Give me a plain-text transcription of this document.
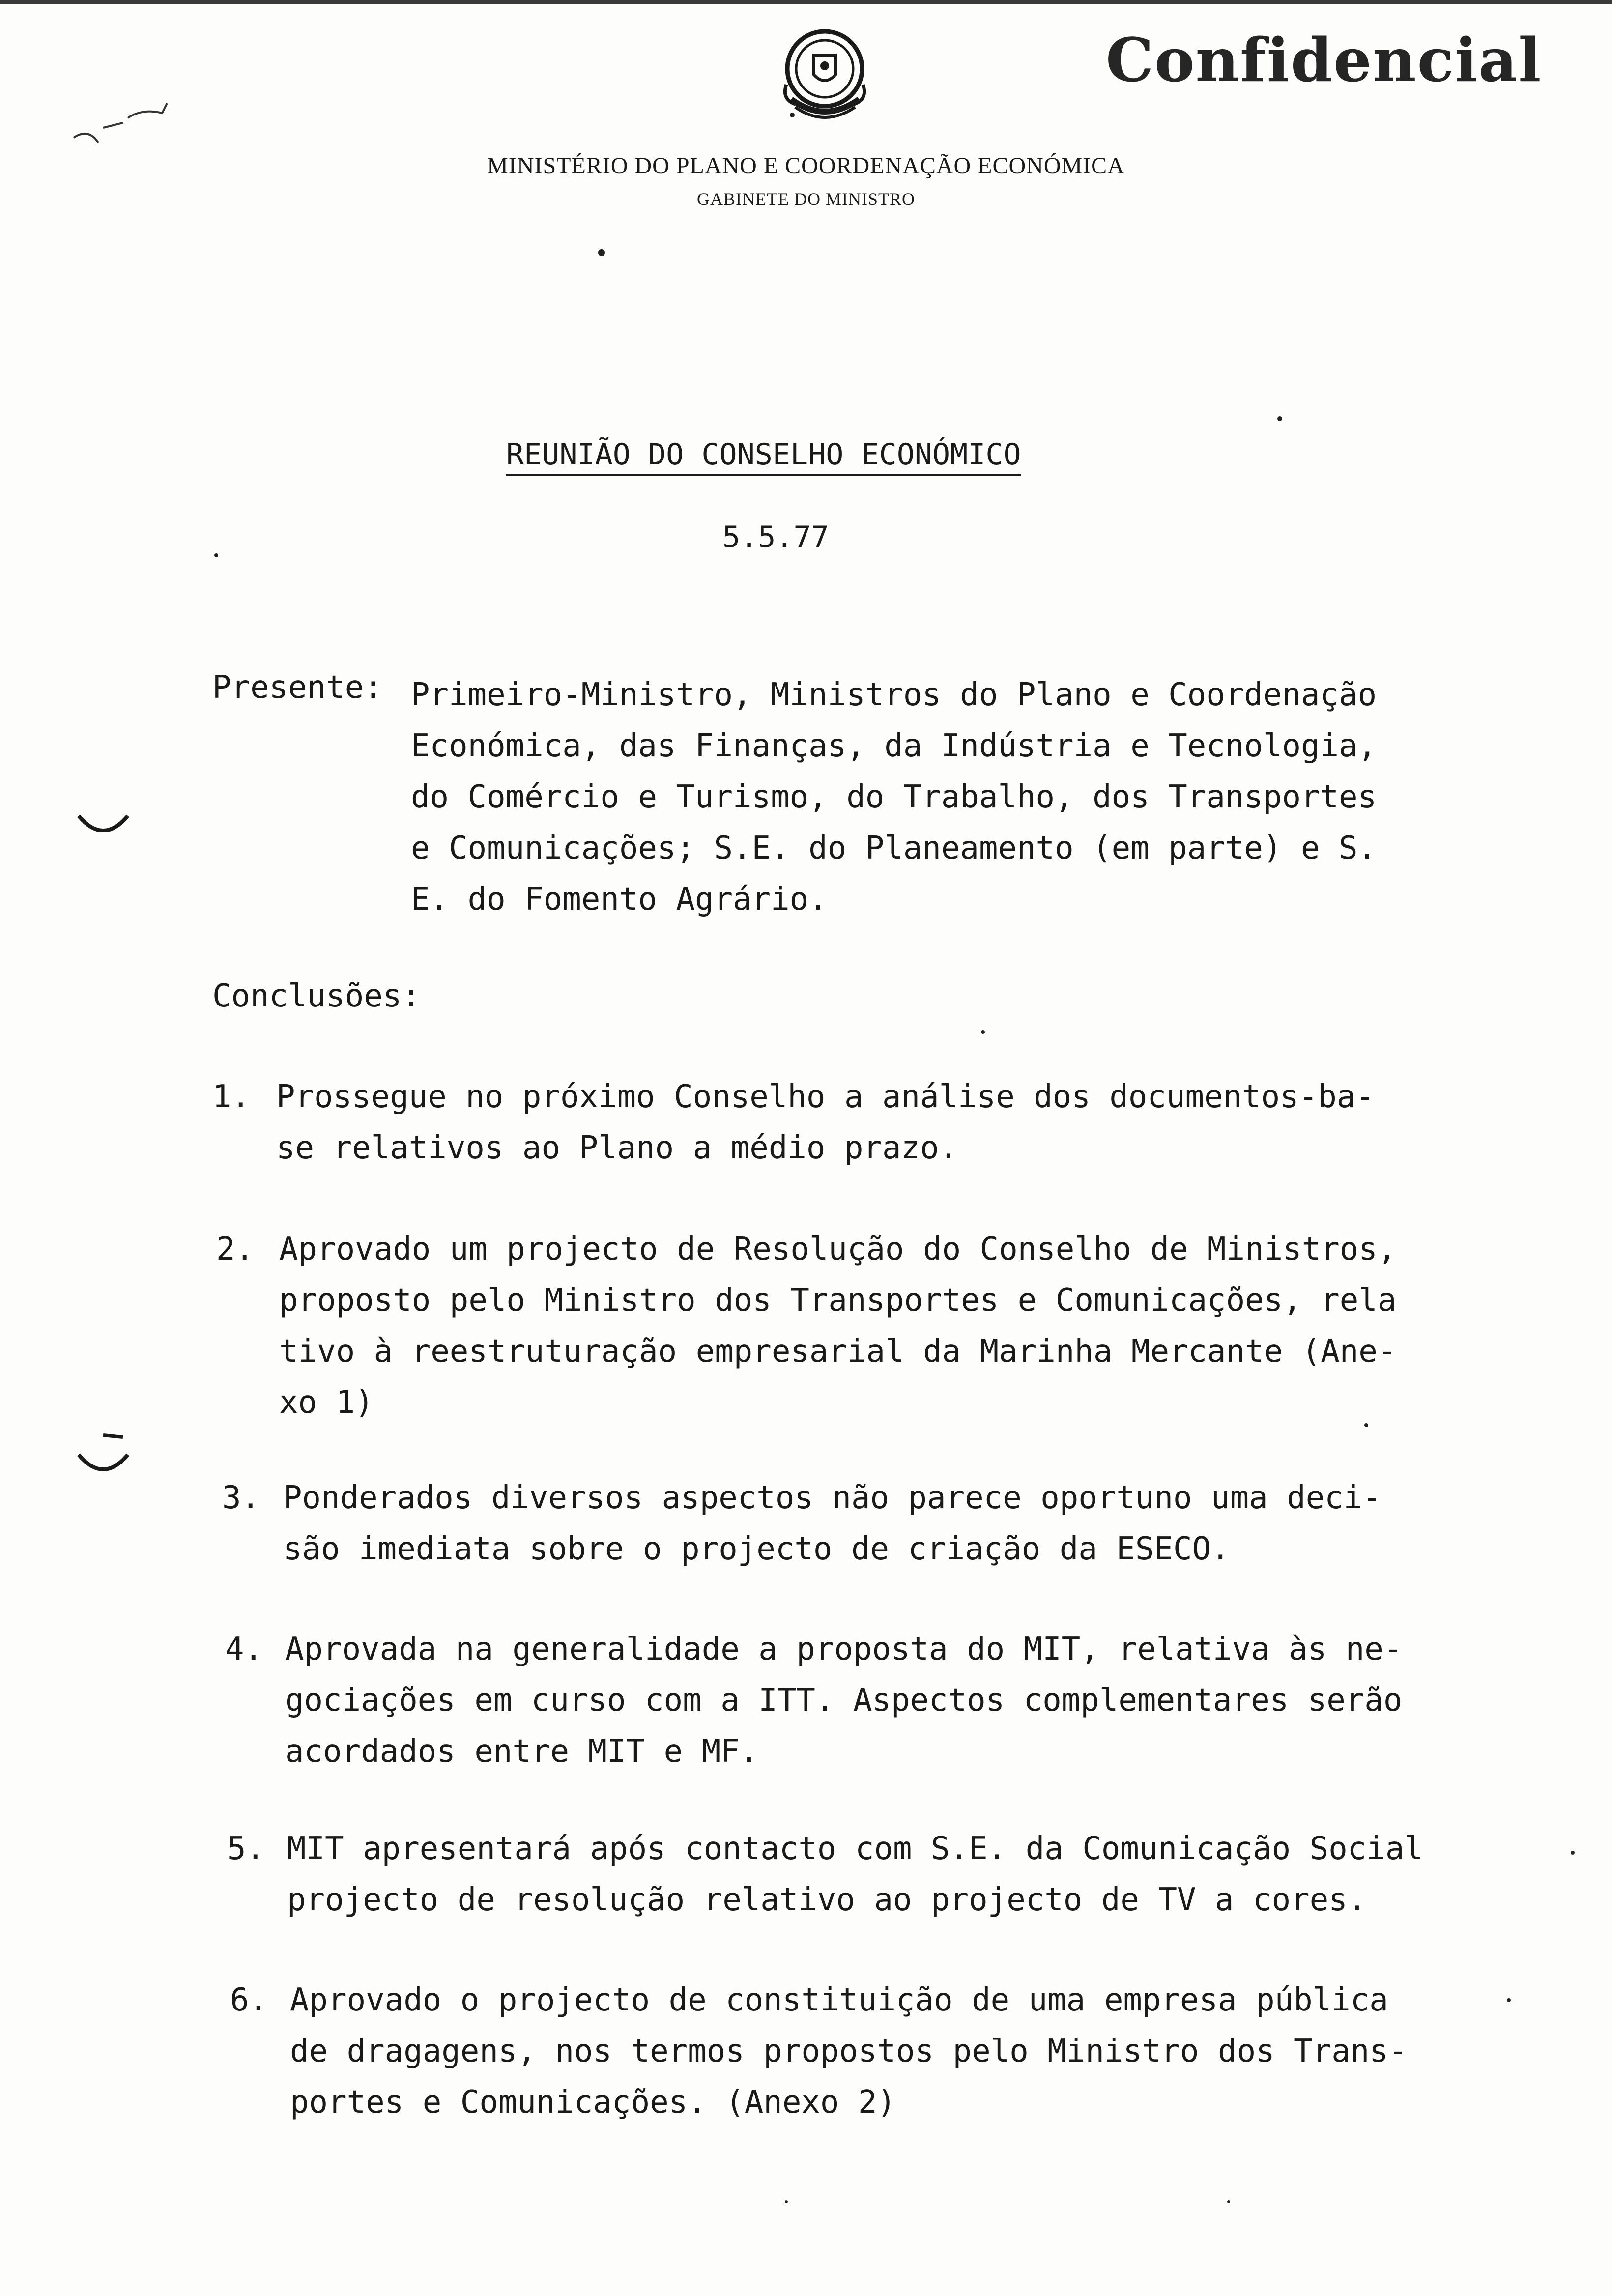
Confidencial
MINISTÉRIO DO PLANO E COORDENAÇÃO ECONÓMICA
GABINETE DO MINISTRO
REUNIÃO DO CONSELHO ECONÓMICO
5.5.77
Presente: Primeiro-Ministro, Ministros do Plano e Coordenação
Económica, das Finanças, da Indústria e Tecnologia,
do Comércio e Turismo, do Trabalho, dos Transportes
e Comunicações; S.E. do Planeamento (em parte) e S.
E. do Fomento Agrário.
Conclusões:
1. Prossegue no próximo Conselho a análise dos documentos-ba-
se relativos ao Plano a médio prazo.
2. Aprovado um projecto de Resolução do Conselho de Ministros,
proposto pelo Ministro dos Transportes e Comunicações, rela
tivo à reestruturação empresarial da Marinha Mercante (Ane-
xo 1)
3. Ponderados diversos aspectos não parece oportuno uma deci-
são imediata sobre o projecto de criação da ESECO.
4. Aprovada na generalidade a proposta do MIT, relativa às ne-
gociações em curso com a ITT. Aspectos complementares serão
acordados entre MIT e MF.
5. MIT apresentará após contacto com S.E. da Comunicação Social
projecto de resolução relativo ao projecto de TV a cores.
6. Aprovado o projecto de constituição de uma empresa pública
de dragagens, nos termos propostos pelo Ministro dos Trans-
portes e Comunicações. (Anexo 2)
